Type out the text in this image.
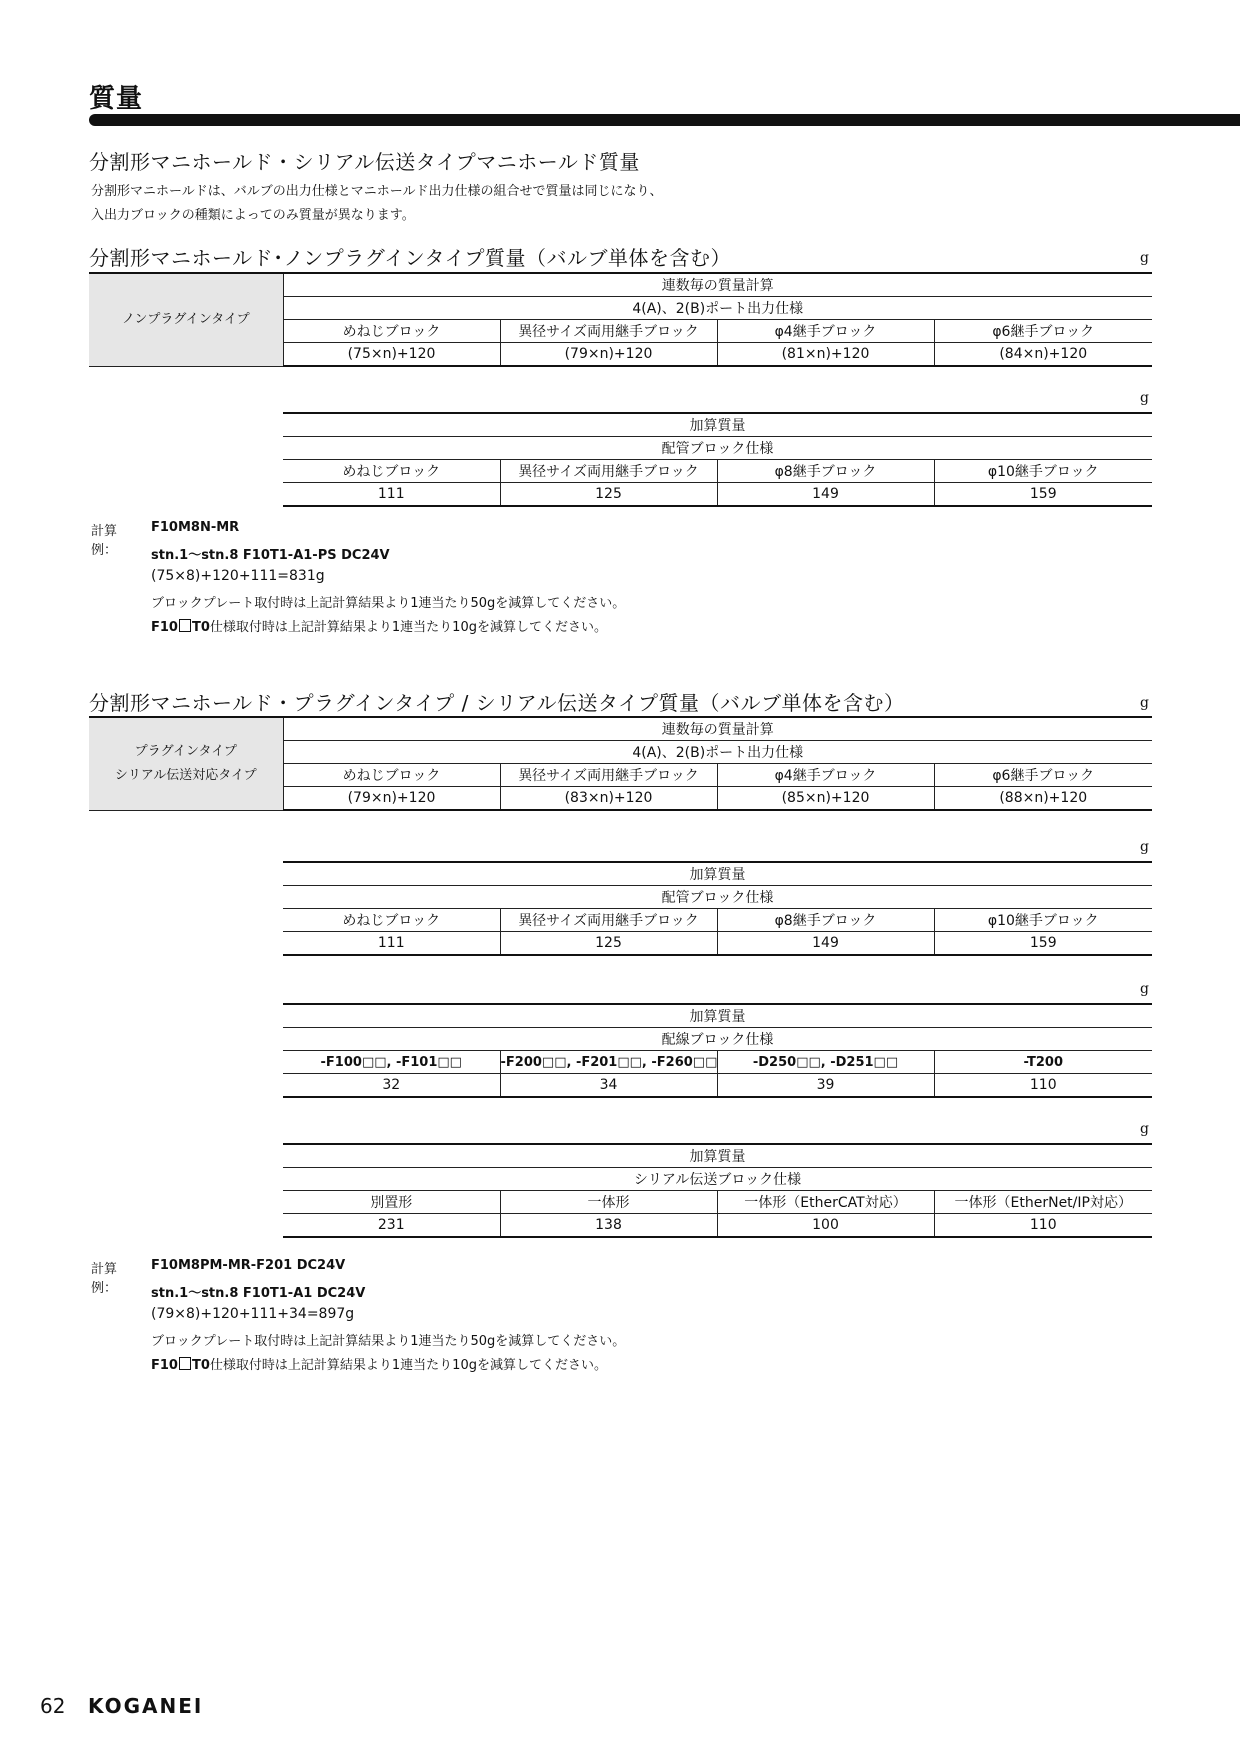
質量
分割形マニホールド・シリアル伝送タイプマニホールド質量
分割形マニホールドは、バルブの出力仕様とマニホールド出力仕様の組合せで質量は同じになり、
入出力ブロックの種類によってのみ質量が異なります。
分割形マニホールド･ノンプラグインタイプ質量（バルブ単体を含む）	g
ノンプラグインタイプ	連数毎の質量計算			
	4(A)、2(B)ポート出力仕様			
	めねじブロック	異径サイズ両用継手ブロック	φ4継手ブロック	φ6継手ブロック
	(75×n)+120	(79×n)+120	(81×n)+120	(84×n)+120
g
加算質量			
配管ブロック仕様			
めねじブロック	異径サイズ両用継手ブロック	φ8継手ブロック	φ10継手ブロック
111	125	149	159
計算例：
F10M8N-MR
stn.1〜stn.8 F10T1-A1-PS DC24V
(75×8)+120+111=831g
ブロックプレート取付時は上記計算結果より1連当たり50gを減算してください。
F10 T0仕様取付時は上記計算結果より1連当たり10gを減算してください。
分割形マニホールド・プラグインタイプ / シリアル伝送タイプ質量（バルブ単体を含む）	g
プラグインタイプ
シリアル伝送対応タイプ	連数毎の質量計算			
	4(A)、2(B)ポート出力仕様			
	めねじブロック	異径サイズ両用継手ブロック	φ4継手ブロック	φ6継手ブロック
	(79×n)+120	(83×n)+120	(85×n)+120	(88×n)+120
g
加算質量			
配管ブロック仕様			
めねじブロック	異径サイズ両用継手ブロック	φ8継手ブロック	φ10継手ブロック
111	125	149	159
g
加算質量			
配線ブロック仕様			
-F100□□, -F101□□	-F200□□, -F201□□, -F260□□	-D250□□, -D251□□	-T200
32	34	39	110
g
加算質量			
シリアル伝送ブロック仕様			
別置形	一体形	一体形（EtherCAT対応）	一体形（EtherNet/IP対応）
231	138	100	110
計算例：
F10M8PM-MR-F201 DC24V
stn.1〜stn.8 F10T1-A1 DC24V
(79×8)+120+111+34=897g
ブロックプレート取付時は上記計算結果より1連当たり50gを減算してください。
F10 T0仕様取付時は上記計算結果より1連当たり10gを減算してください。
62 KOGANEI
